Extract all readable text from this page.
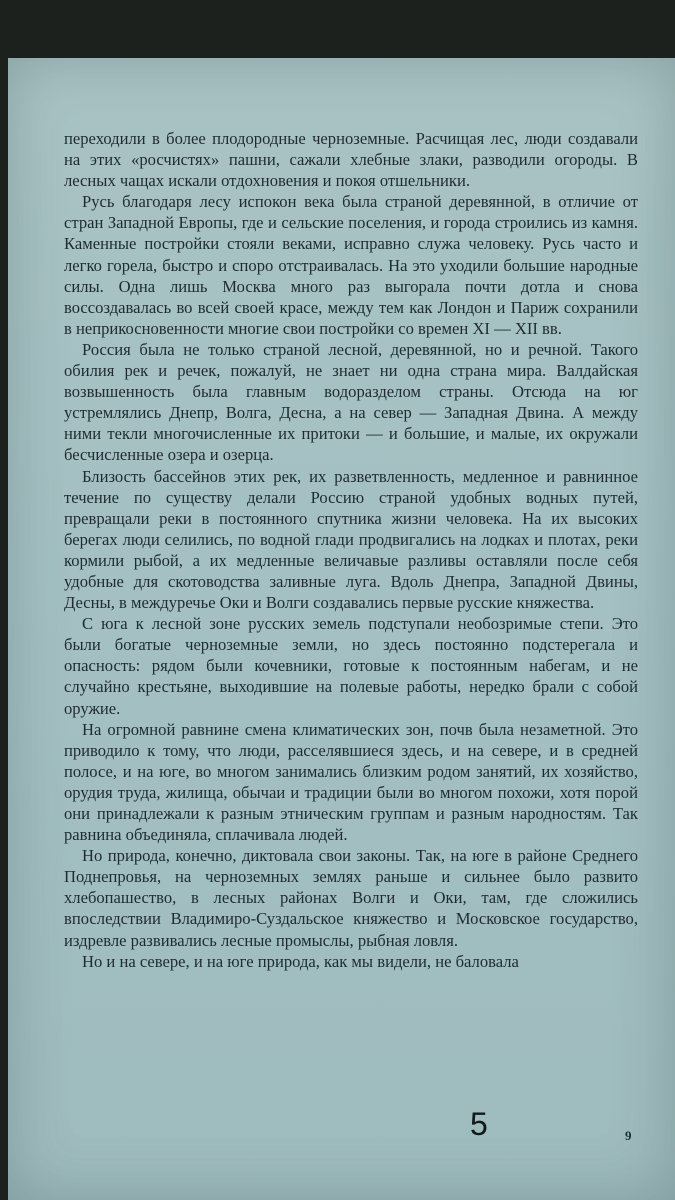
переходили в более плодородные черноземные. Расчищая лес, люди создавали на этих «росчистях» пашни, сажали хлебные злаки, разводили огороды. В лесных чащах искали отдохновения и покоя отшельники.

Русь благодаря лесу испокон века была страной деревянной, в отличие от стран Западной Европы, где и сельские поселения, и города строились из камня. Каменные постройки стояли веками, исправно служа человеку. Русь часто и легко горела, быстро и споро отстраивалась. На это уходили большие народные силы. Одна лишь Москва много раз выгорала почти дотла и снова воссоздавалась во всей своей красе, между тем как Лондон и Париж сохранили в неприкосновенности многие свои постройки со времен XI — XII вв.

Россия была не только страной лесной, деревянной, но и речной. Такого обилия рек и речек, пожалуй, не знает ни одна страна мира. Валдайская возвышенность была главным водоразделом страны. Отсюда на юг устремлялись Днепр, Волга, Десна, а на север — Западная Двина. А между ними текли многочисленные их притоки — и большие, и малые, их окружали бесчисленные озера и озерца.

Близость бассейнов этих рек, их разветвленность, медленное и равнинное течение по существу делали Россию страной удобных водных путей, превращали реки в постоянного спутника жизни человека. На их высоких берегах люди селились, по водной глади продвигались на лодках и плотах, реки кормили рыбой, а их медленные величавые разливы оставляли после себя удобные для скотоводства заливные луга. Вдоль Днепра, Западной Двины, Десны, в междуречье Оки и Волги создавались первые русские княжества.

С юга к лесной зоне русских земель подступали необозримые степи. Это были богатые черноземные земли, но здесь постоянно подстерегала и опасность: рядом были кочевники, готовые к постоянным набегам, и не случайно крестьяне, выходившие на полевые работы, нередко брали с собой оружие.

На огромной равнине смена климатических зон, почв была незаметной. Это приводило к тому, что люди, расселявшиеся здесь, и на севере, и в средней полосе, и на юге, во многом занимались близким родом занятий, их хозяйство, орудия труда, жилища, обычаи и традиции были во многом похожи, хотя порой они принадлежали к разным этническим группам и разным народностям. Так равнина объединяла, сплачивала людей.

Но природа, конечно, диктовала свои законы. Так, на юге в районе Среднего Поднепровья, на черноземных землях раньше и сильнее было развито хлебопашество, в лесных районах Волги и Оки, там, где сложились впоследствии Владимиро-Суздальское княжество и Московское государство, издревле развивались лесные промыслы, рыбная ловля.

Но и на севере, и на юге природа, как мы видели, не баловала

5	9
